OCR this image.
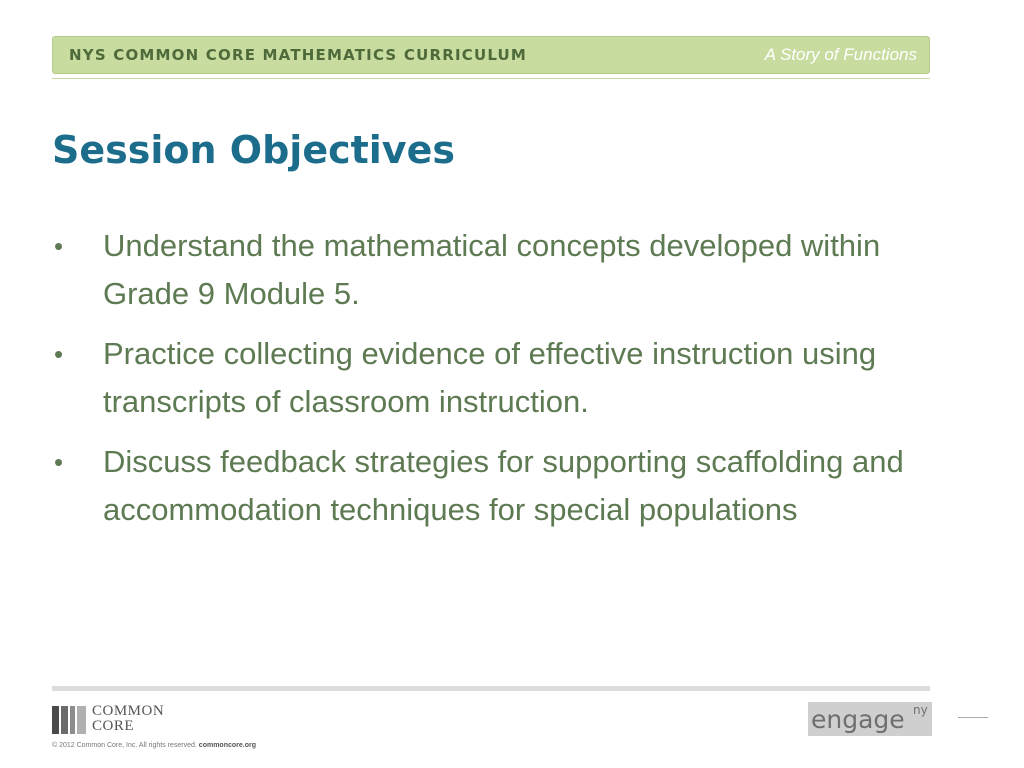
NYS COMMON CORE MATHEMATICS CURRICULUM	A Story of Functions
Session Objectives
• Understand the mathematical concepts developed within Grade 9 Module 5.
• Practice collecting evidence of effective instruction using transcripts of classroom instruction.
• Discuss feedback strategies for supporting scaffolding and accommodation techniques for special populations
COMMON
CORE
© 2012 Common Core, Inc. All rights reserved. commoncore.org
engage ny
